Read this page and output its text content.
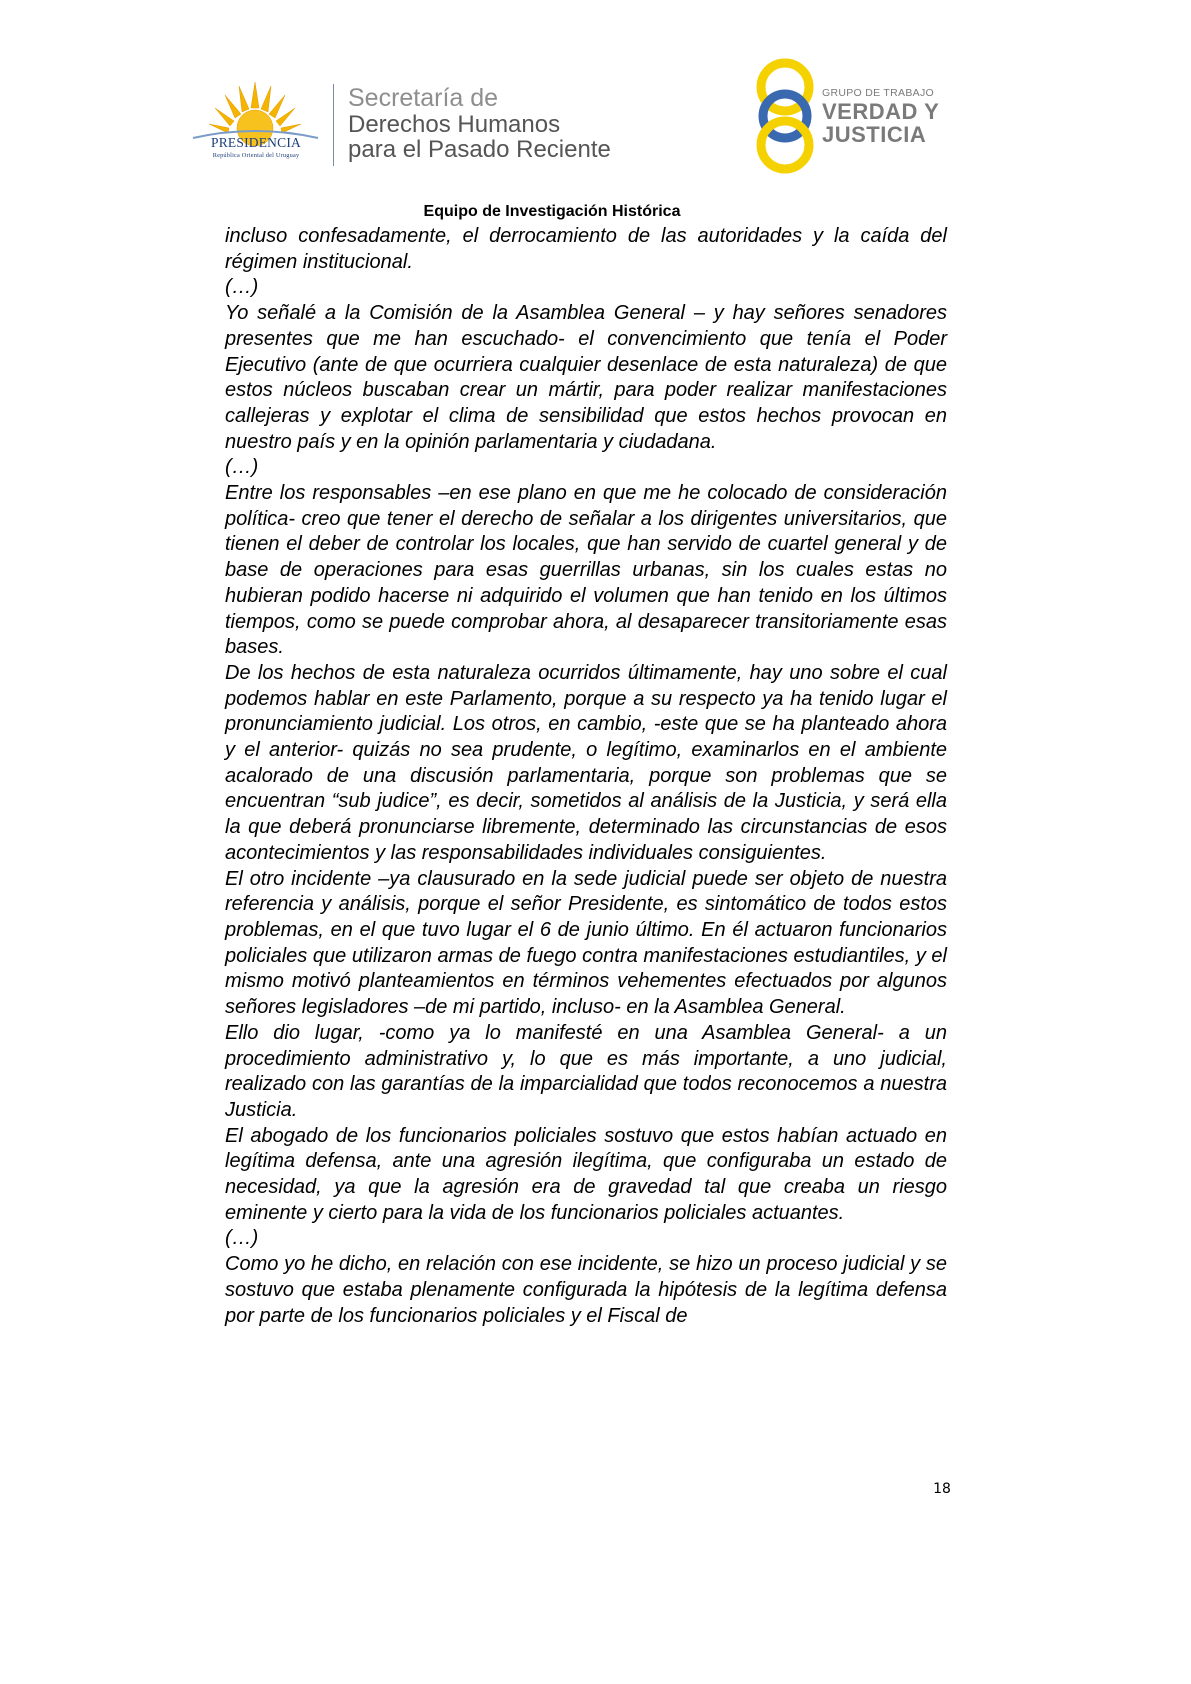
PRESIDENCIA
República Oriental del Uruguay
Secretaría de
Derechos Humanos
para el Pasado Reciente
GRUPO DE TRABAJO
VERDAD Y
JUSTICIA
Equipo de Investigación Histórica

incluso confesadamente, el derrocamiento de las autoridades y la caída del régimen institucional.

(…)

Yo señalé a la Comisión de la Asamblea General – y hay señores senadores presentes que me han escuchado- el convencimiento que tenía el Poder Ejecutivo (ante de que ocurriera cualquier desenlace de esta naturaleza) de que estos núcleos buscaban crear un mártir, para poder realizar manifestaciones callejeras y explotar el clima de sensibilidad que estos hechos provocan en nuestro país y en la opinión parlamentaria y ciudadana.

(…)

Entre los responsables –en ese plano en que me he colocado de consideración política- creo que tener el derecho de señalar a los dirigentes universitarios, que tienen el deber de controlar los locales, que han servido de cuartel general y de base de operaciones para esas guerrillas urbanas, sin los cuales estas no hubieran podido hacerse ni adquirido el volumen que han tenido en los últimos tiempos, como se puede comprobar ahora, al desaparecer transitoriamente esas bases.

De los hechos de esta naturaleza ocurridos últimamente, hay uno sobre el cual podemos hablar en este Parlamento, porque a su respecto ya ha tenido lugar el pronunciamiento judicial. Los otros, en cambio, -este que se ha planteado ahora y el anterior- quizás no sea prudente, o legítimo, examinarlos en el ambiente acalorado de una discusión parlamentaria, porque son problemas que se encuentran “sub judice”, es decir, sometidos al análisis de la Justicia, y será ella la que deberá pronunciarse libremente, determinado las circunstancias de esos acontecimientos y las responsabilidades individuales consiguientes.

El otro incidente –ya clausurado en la sede judicial puede ser objeto de nuestra referencia y análisis, porque el señor Presidente, es sintomático de todos estos problemas, en el que tuvo lugar el 6 de junio último. En él actuaron funcionarios policiales que utilizaron armas de fuego contra manifestaciones estudiantiles, y el mismo motivó planteamientos en términos vehementes efectuados por algunos señores legisladores –de mi partido, incluso- en la Asamblea General.

Ello dio lugar, -como ya lo manifesté en una Asamblea General- a un procedimiento administrativo y, lo que es más importante, a uno judicial, realizado con las garantías de la imparcialidad que todos reconocemos a nuestra Justicia.

El abogado de los funcionarios policiales sostuvo que estos habían actuado en legítima defensa, ante una agresión ilegítima, que configuraba un estado de necesidad, ya que la agresión era de gravedad tal que creaba un riesgo eminente y cierto para la vida de los funcionarios policiales actuantes.

(…)

Como yo he dicho, en relación con ese incidente, se hizo un proceso judicial y se sostuvo que estaba plenamente configurada la hipótesis de la legítima defensa por parte de los funcionarios policiales y el Fiscal de

18
